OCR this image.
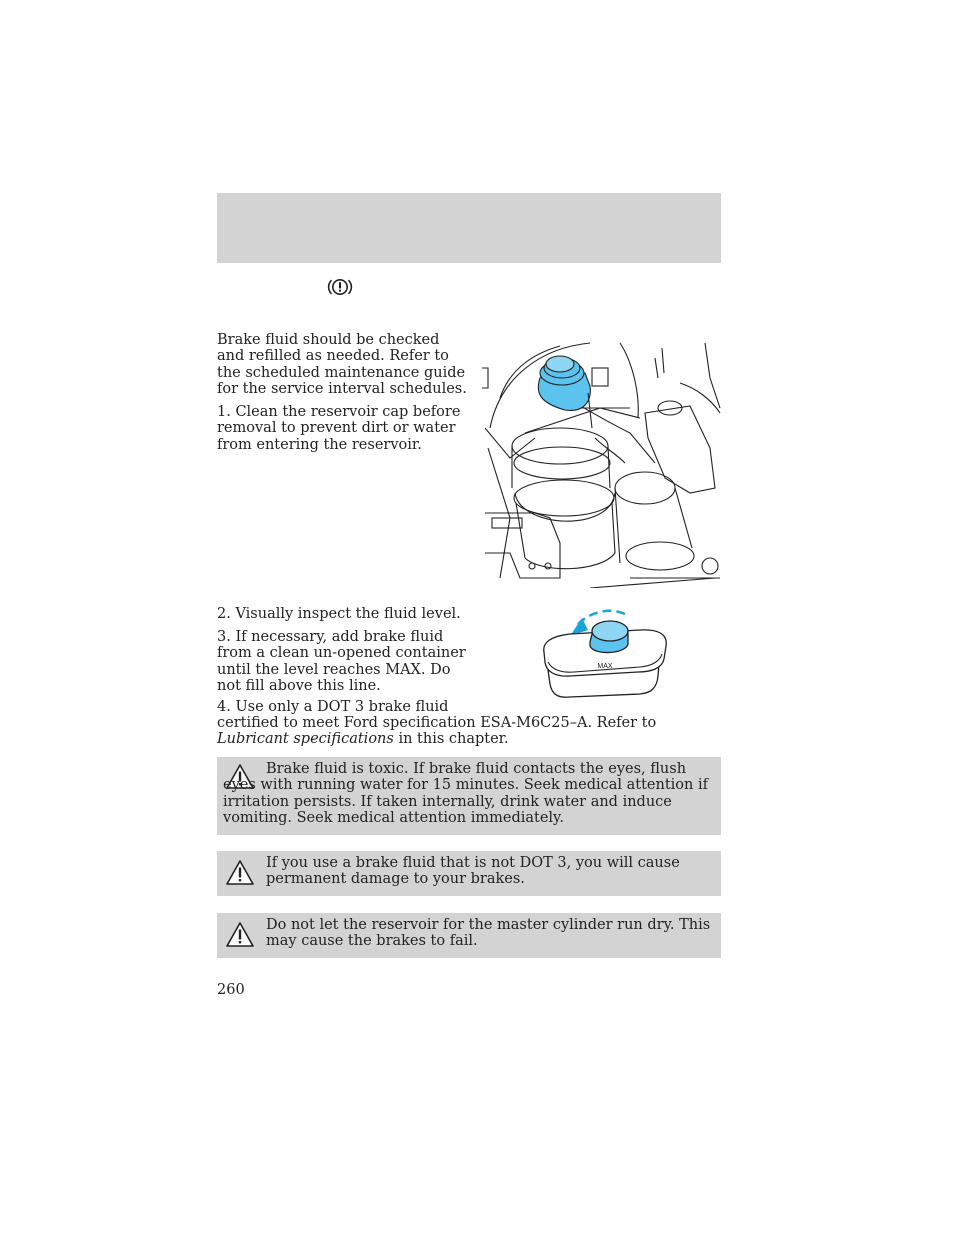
Brake fluid should be checked and refilled as needed. Refer to the scheduled maintenance guide for the service interval schedules.

1. Clean the reservoir cap before removal to prevent dirt or water from entering the reservoir.

2. Visually inspect the fluid level.

3. If necessary, add brake fluid from a clean un-opened container until the level reaches MAX. Do not fill above this line.

MAX

4. Use only a DOT 3 brake fluid

certified to meet Ford specification ESA-M6C25–A. Refer to Lubricant specifications in this chapter.

Brake fluid is toxic. If brake fluid contacts the eyes, flush eyes with running water for 15 minutes. Seek medical attention if irritation persists. If taken internally, drink water and induce vomiting. Seek medical attention immediately.

If you use a brake fluid that is not DOT 3, you will cause permanent damage to your brakes.

Do not let the reservoir for the master cylinder run dry. This may cause the brakes to fail.

260
